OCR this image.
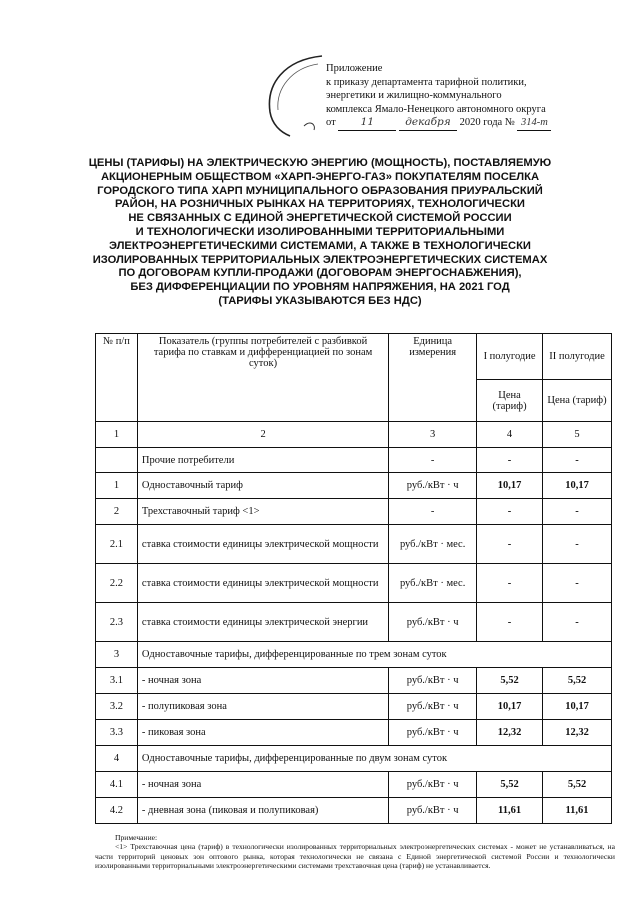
Приложение
к приказу департамента тарифной политики,
энергетики и жилищно-коммунального
комплекса Ямало-Ненецкого автономного округа
от 11	декабря 2020 года № 314-т
ЦЕНЫ (ТАРИФЫ) НА ЭЛЕКТРИЧЕСКУЮ ЭНЕРГИЮ (МОЩНОСТЬ), ПОСТАВЛЯЕМУЮ
АКЦИОНЕРНЫМ ОБЩЕСТВОМ «ХАРП-ЭНЕРГО-ГАЗ» ПОКУПАТЕЛЯМ ПОСЕЛКА
ГОРОДСКОГО ТИПА ХАРП МУНИЦИПАЛЬНОГО ОБРАЗОВАНИЯ ПРИУРАЛЬСКИЙ
РАЙОН, НА РОЗНИЧНЫХ РЫНКАХ НА ТЕРРИТОРИЯХ, ТЕХНОЛОГИЧЕСКИ
НЕ СВЯЗАННЫХ С ЕДИНОЙ ЭНЕРГЕТИЧЕСКОЙ СИСТЕМОЙ РОССИИ
И ТЕХНОЛОГИЧЕСКИ ИЗОЛИРОВАННЫМИ ТЕРРИТОРИАЛЬНЫМИ
ЭЛЕКТРОЭНЕРГЕТИЧЕСКИМИ СИСТЕМАМИ, А ТАКЖЕ В ТЕХНОЛОГИЧЕСКИ
ИЗОЛИРОВАННЫХ ТЕРРИТОРИАЛЬНЫХ ЭЛЕКТРОЭНЕРГЕТИЧЕСКИХ СИСТЕМАХ
ПО ДОГОВОРАМ КУПЛИ-ПРОДАЖИ (ДОГОВОРАМ ЭНЕРГОСНАБЖЕНИЯ),
БЕЗ ДИФФЕРЕНЦИАЦИИ ПО УРОВНЯМ НАПРЯЖЕНИЯ, НА 2021 ГОД
(ТАРИФЫ УКАЗЫВАЮТСЯ БЕЗ НДС)
№ п/п	Показатель (группы потребителей с разбивкой тарифа по ставкам и дифференциацией по зонам суток)	Единица измерения	I полугодие	II полугодие
			Цена (тариф)	Цена (тариф)
1	2	3	4	5
	Прочие потребители	-	-	-
1	Одноставочный тариф	руб./кВт · ч	10,17	10,17
2	Трехставочный тариф <1>	-	-	-
2.1	ставка стоимости единицы электрической мощности	руб./кВт · мес.	-	-
2.2	ставка стоимости единицы электрической мощности	руб./кВт · мес.	-	-
2.3	ставка стоимости единицы электрической энергии	руб./кВт · ч	-	-
3	Одноставочные тарифы, дифференцированные по трем зонам суток			
3.1	- ночная зона	руб./кВт · ч	5,52	5,52
3.2	- полупиковая зона	руб./кВт · ч	10,17	10,17
3.3	- пиковая зона	руб./кВт · ч	12,32	12,32
4	Одноставочные тарифы, дифференцированные по двум зонам суток			
4.1	- ночная зона	руб./кВт · ч	5,52	5,52
4.2	- дневная зона (пиковая и полупиковая)	руб./кВт · ч	11,61	11,61
Примечание:
<1> Трехставочная цена (тариф) в технологически изолированных территориальных электроэнергетических системах - может не устанавливаться, на части территорий ценовых зон оптового рынка, которая технологически не связана с Единой энергетической системой России и технологически изолированными территориальными электроэнергетическими системами трехставочная цена (тариф) не устанавливается.
